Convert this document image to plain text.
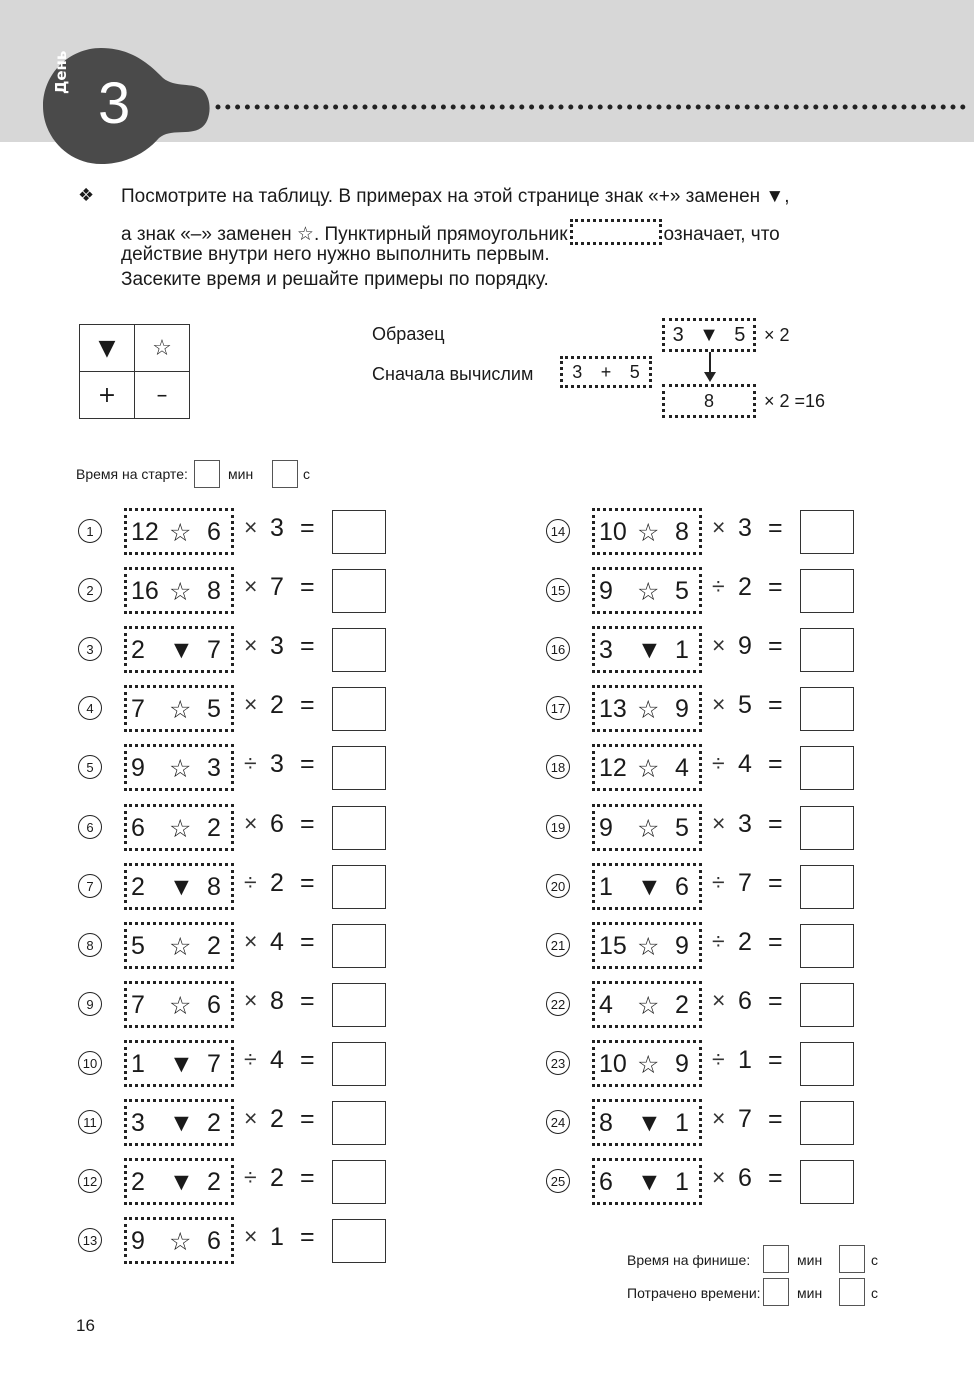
День 3
❖ Посмотрите на таблицу. В примерах на этой странице знак «+» заменен ▼,
а знак «–» заменен ☆. Пунктирный прямоугольник	означает, что
действие внутри него нужно выполнить первым.
Засеките время и решайте примеры по порядку.
▼	☆
+	–
Образец
Сначала вычислим
3 ▼ 5 × 2
3 + 5
8	× 2 =16
Время на старте:	мин	с
1	12 ☆ 6 × 3 =
2	16 ☆ 8 × 7 =
3	2 ▼ 7 × 3 =
4	7 ☆ 5 × 2 =
5	9 ☆ 3 ÷ 3 =
6	6 ☆ 2 × 6 =
7	2 ▼ 8 ÷ 2 =
8	5 ☆ 2 × 4 =
9	7 ☆ 6 × 8 =
10 1 ▼ 7 ÷ 4 =
11 3 ▼ 2 × 2 =
12 2 ▼ 2 ÷ 2 =
13 9 ☆ 6 × 1 =
14 10 ☆ 8 × 3 =
15 9 ☆ 5 ÷ 2 =
16 3 ▼ 1 × 9 =
17 13 ☆ 9 × 5 =
18 12 ☆ 4 ÷ 4 =
19 9 ☆ 5 × 3 =
20 1 ▼ 6 ÷ 7 =
21 15 ☆ 9 ÷ 2 =
22 4 ☆ 2 × 6 =
23 10 ☆ 9 ÷ 1 =
24 8 ▼ 1 × 7 =
25 6 ▼ 1 × 6 =
Время на финише:	мин	с
Потрачено времени:	мин	с
16
